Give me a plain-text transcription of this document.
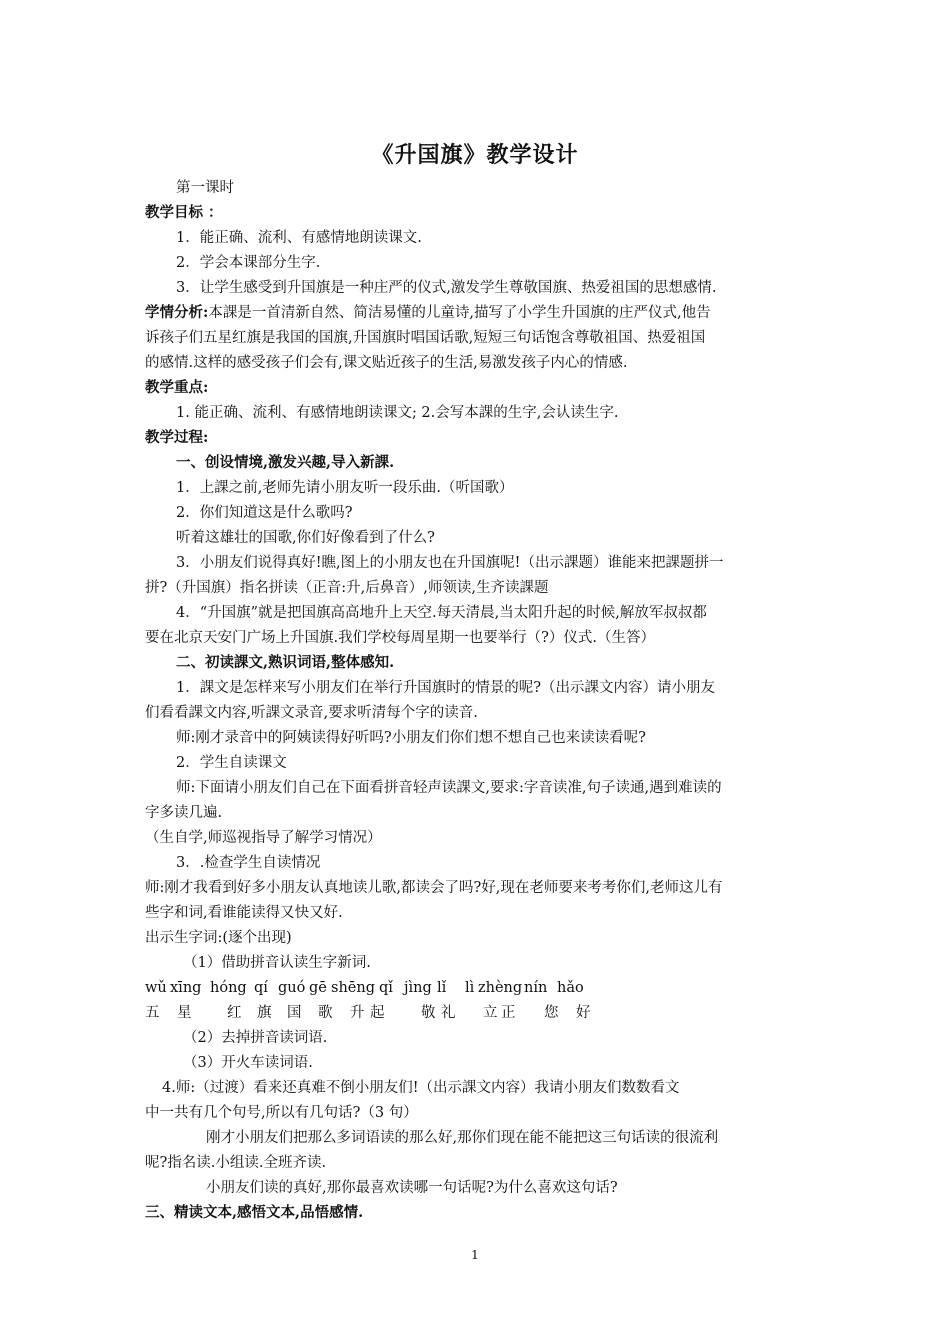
《升国旗》教学设计
第一课时
教学目标 ：
1．能正确、流利、有感情地朗读课文.
2．学会本课部分生字.
3．让学生感受到升国旗是一种庄严的仪式,激发学生尊敬国旗、热爱祖国的思想感情.
学情分析:本課是一首清新自然、简洁易懂的儿童诗,描写了小学生升国旗的庄严仪式,他告
诉孩子们五星红旗是我国的国旗,升国旗时唱国话歌,短短三句话饱含尊敬祖国、热爱祖国
的感情.这样的感受孩子们会有,课文贴近孩子的生活,易激发孩子内心的情感.
教学重点:
1. 能正确、流利、有感情地朗读课文; 2.会写本課的生字,会认读生字.
教学过程:
一、创设情境,激发兴趣,导入新課.
1．上課之前,老师先请小朋友听一段乐曲.（听国歌）
2．你们知道这是什么歌吗?
听着这雄壮的国歌,你们好像看到了什么?
3．小朋友们说得真好!瞧,图上的小朋友也在升国旗呢!（出示課题）谁能来把課题拼一
拼?（升国旗）指名拼读（正音:升,后鼻音）,师领读,生齐读課题
4．“升国旗”就是把国旗高高地升上天空.每天清晨,当太阳升起的时候,解放军叔叔都
要在北京天安门广场上升国旗.我们学校每周星期一也要举行（?）仪式.（生答）
二、初读課文,熟识词语,整体感知.
1．課文是怎样来写小朋友们在举行升国旗时的情景的呢?（出示課文内容）请小朋友
们看看課文内容,听課文录音,要求听清每个字的读音.
师:刚才录音中的阿姨读得好听吗?小朋友们你们想不想自己也来读读看呢?
2．学生自读课文
师:下面请小朋友们自己在下面看拼音轻声读課文,要求:字音读准,句子读通,遇到难读的
字多读几遍.
（生自学,师巡视指导了解学习情况）
3．.检查学生自读情况
师:刚才我看到好多小朋友认真地读儿歌,都读会了吗?好,现在老师要来考考你们,老师这儿有
些字和词,看谁能读得又快又好.
出示生字词:(逐个出现)
（1）借助拼音认读生字新词.
wǔ xīng hóng qí guó gē shēng qǐ jìng lǐ lì zhèng nín hǎo
五 星 红 旗 国 歌 升 起	敬 礼 立 正 您 好
（2）去掉拼音读词语.
（3）开火车读词语.
4.师:（过渡）看来还真难不倒小朋友们!（出示課文内容）我请小朋友们数数看文
中一共有几个句号,所以有几句话?（3 句）
刚才小朋友们把那么多词语读的那么好,那你们现在能不能把这三句话读的很流利
呢?指名读.小组读.全班齐读.
小朋友们读的真好,那你最喜欢读哪一句话呢?为什么喜欢这句话?
三、精读文本,感悟文本,品悟感情.
1
